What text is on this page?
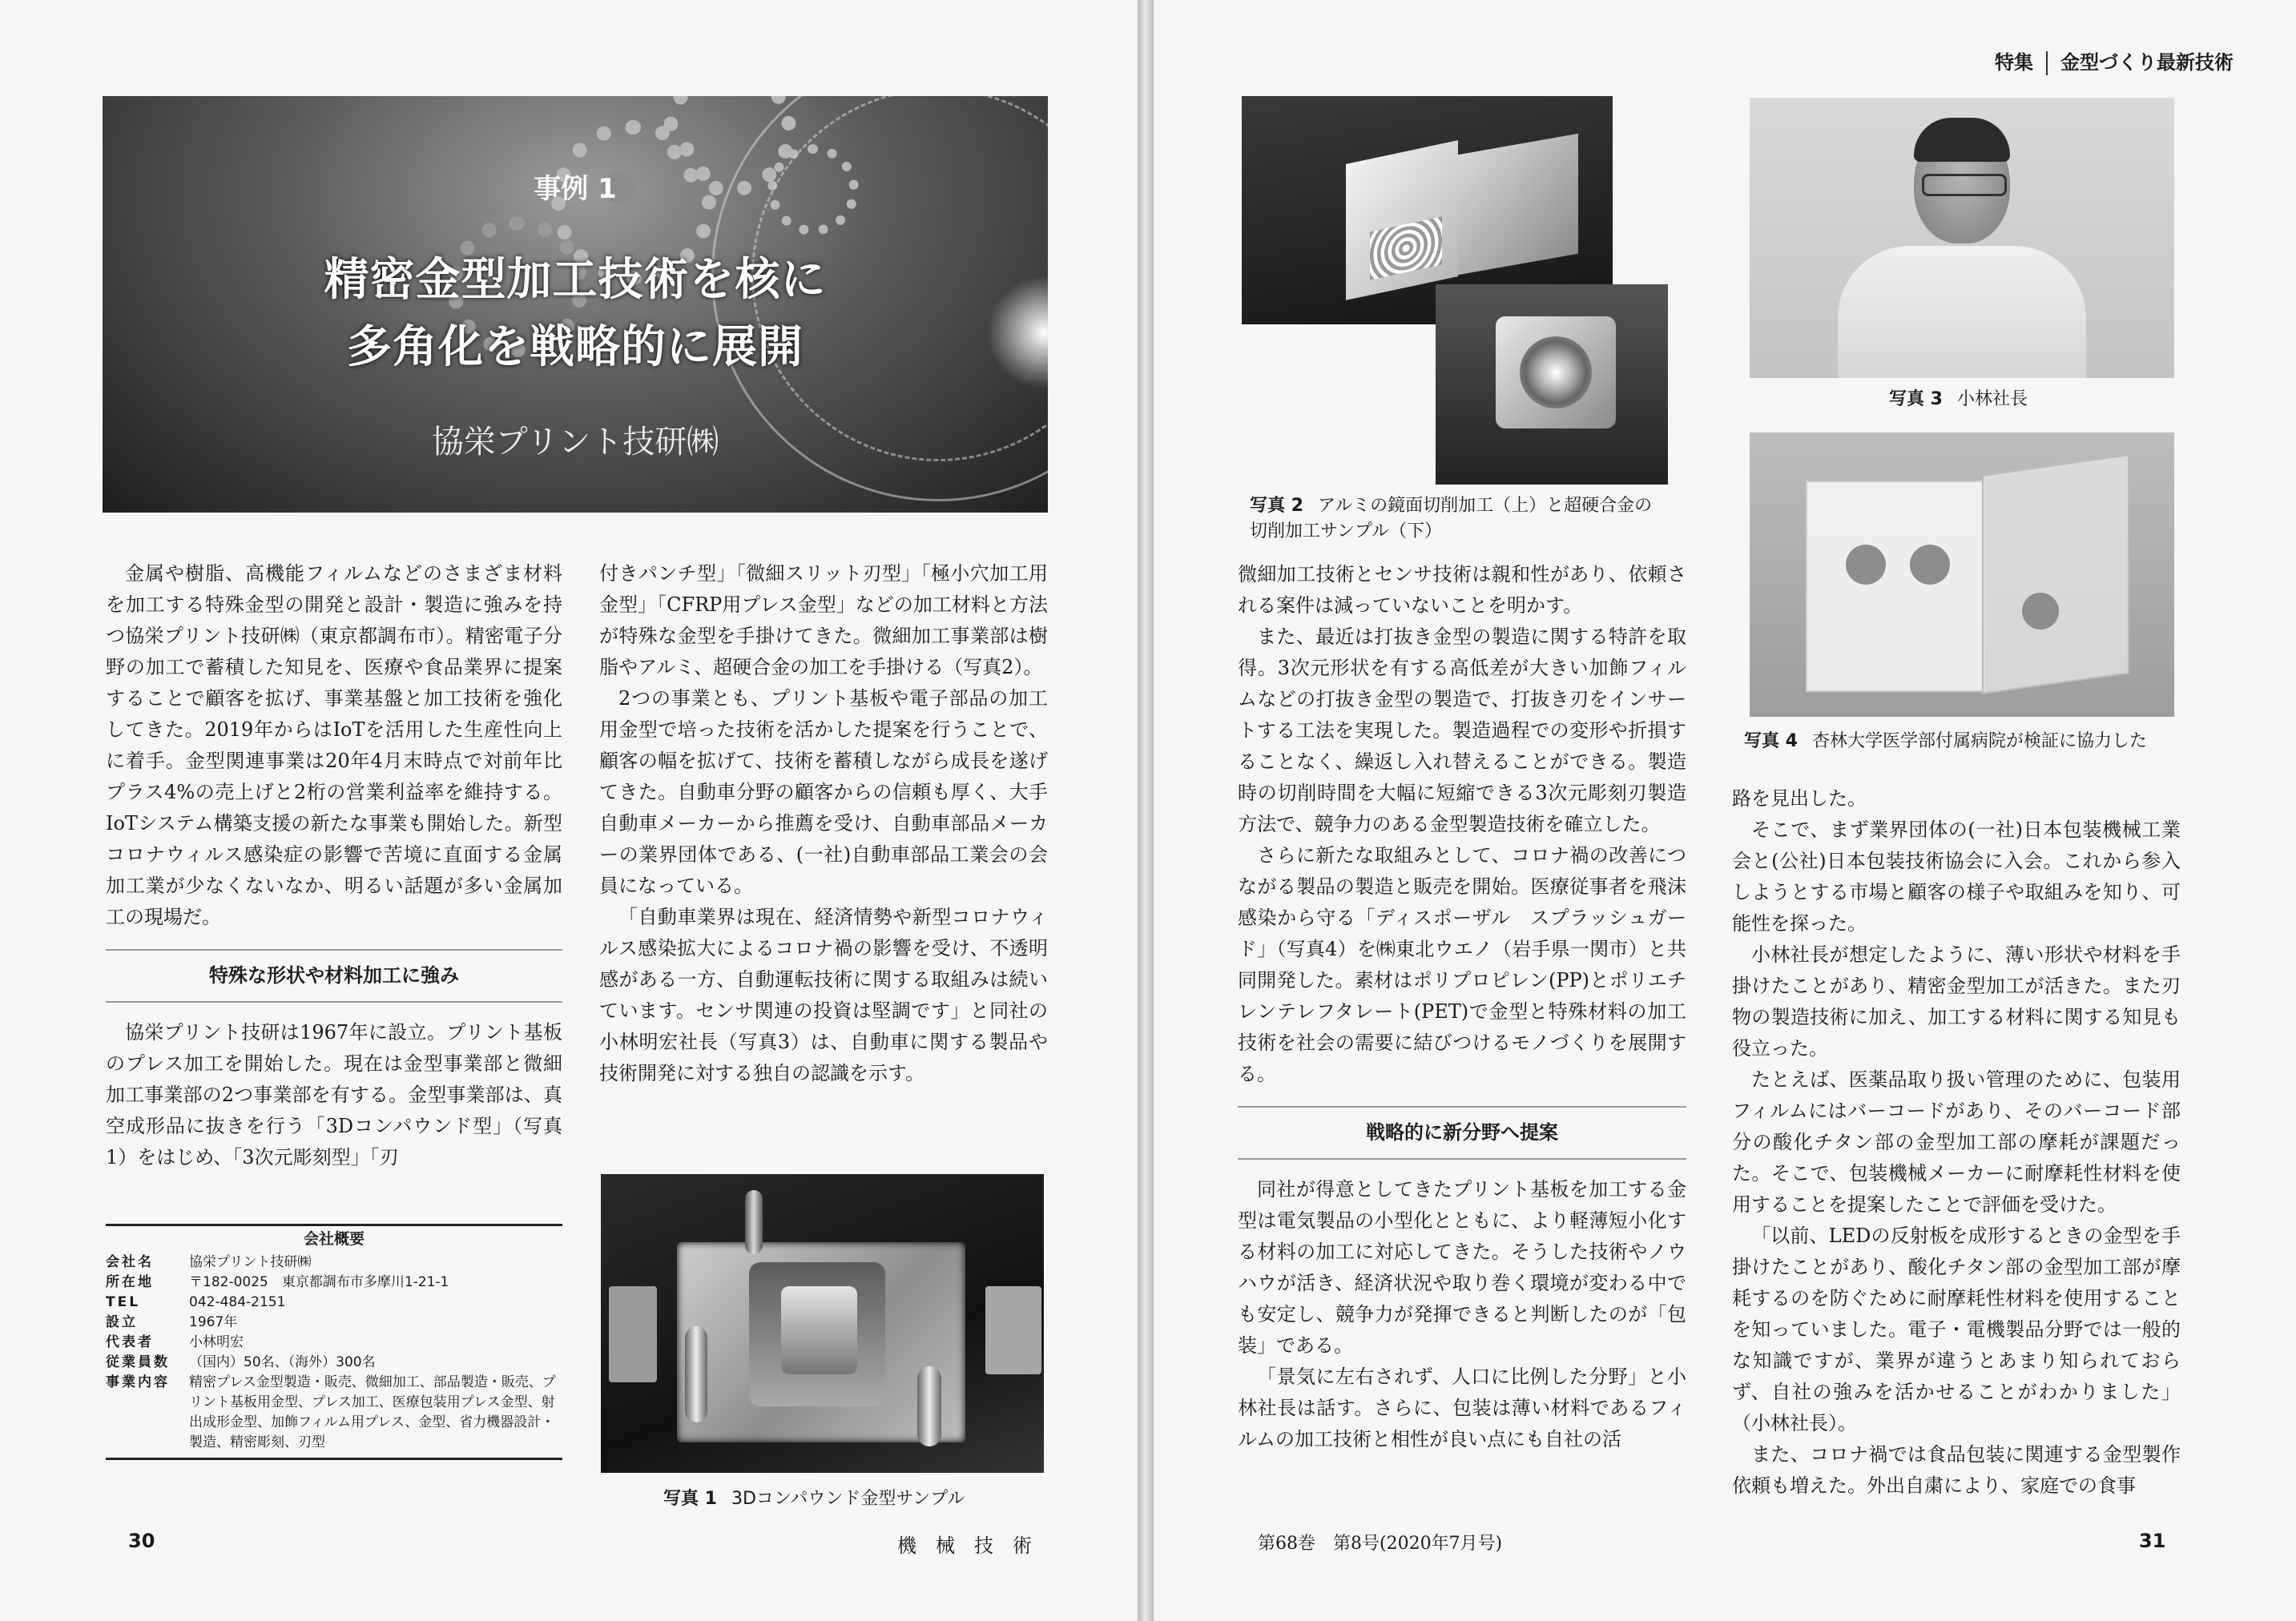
事例 1
精密金型加工技術を核に
多角化を戦略的に展開
協栄プリント技研㈱

金属や樹脂、高機能フィルムなどのさまざま材料を加工する特殊金型の開発と設計・製造に強みを持つ協栄プリント技研㈱（東京都調布市）。精密電子分野の加工で蓄積した知見を、医療や食品業界に提案することで顧客を拡げ、事業基盤と加工技術を強化してきた。2019年からはIoTを活用した生産性向上に着手。金型関連事業は20年4月末時点で対前年比プラス4%の売上げと2桁の営業利益率を維持する。IoTシステム構築支援の新たな事業も開始した。新型コロナウィルス感染症の影響で苦境に直面する金属加工業が少なくないなか、明るい話題が多い金属加工の現場だ。

特殊な形状や材料加工に強み

協栄プリント技研は1967年に設立。プリント基板のプレス加工を開始した。現在は金型事業部と微細加工事業部の2つ事業部を有する。金型事業部は、真空成形品に抜きを行う「3Dコンパウンド型」（写真1）をはじめ、「3次元彫刻型」「刃

付きパンチ型」「微細スリット刃型」「極小穴加工用金型」「CFRP用プレス金型」などの加工材料と方法が特殊な金型を手掛けてきた。微細加工事業部は樹脂やアルミ、超硬合金の加工を手掛ける（写真2）。

2つの事業とも、プリント基板や電子部品の加工用金型で培った技術を活かした提案を行うことで、顧客の幅を拡げて、技術を蓄積しながら成長を遂げてきた。自動車分野の顧客からの信頼も厚く、大手自動車メーカーから推薦を受け、自動車部品メーカーの業界団体である、(一社)自動車部品工業会の会員になっている。

「自動車業界は現在、経済情勢や新型コロナウィルス感染拡大によるコロナ禍の影響を受け、不透明感がある一方、自動運転技術に関する取組みは続いています。センサ関連の投資は堅調です」と同社の小林明宏社長（写真3）は、自動車に関する製品や技術開発に対する独自の認識を示す。

会社概要
会社名	協栄プリント技研㈱
所在地	〒182-0025　東京都調布市多摩川1-21-1
TEL	042-484-2151
設立	1967年
代表者	小林明宏
従業員数	（国内）50名、（海外）300名
事業内容	精密プレス金型製造・販売、微細加工、部品製造・販売、プリント基板用金型、プレス加工、医療包装用プレス金型、射出成形金型、加飾フィルム用プレス、金型、省力機器設計・製造、精密彫刻、刃型
写真 1 3Dコンパウンド金型サンプル
30	機　械　技　術
特集 金型づくり最新技術
写真 2 アルミの鏡面切削加工（上）と超硬合金の切削加工サンプル（下）
写真 3 小林社長
写真 4 杏林大学医学部付属病院が検証に協力した

微細加工技術とセンサ技術は親和性があり、依頼される案件は減っていないことを明かす。

また、最近は打抜き金型の製造に関する特許を取得。3次元形状を有する高低差が大きい加飾フィルムなどの打抜き金型の製造で、打抜き刃をインサートする工法を実現した。製造過程での変形や折損することなく、繰返し入れ替えることができる。製造時の切削時間を大幅に短縮できる3次元彫刻刃製造方法で、競争力のある金型製造技術を確立した。

さらに新たな取組みとして、コロナ禍の改善につながる製品の製造と販売を開始。医療従事者を飛沫感染から守る「ディスポーザル　スプラッシュガード」（写真4）を㈱東北ウエノ（岩手県一関市）と共同開発した。素材はポリプロピレン(PP)とポリエチレンテレフタレート(PET)で金型と特殊材料の加工技術を社会の需要に結びつけるモノづくりを展開する。

戦略的に新分野へ提案

同社が得意としてきたプリント基板を加工する金型は電気製品の小型化とともに、より軽薄短小化する材料の加工に対応してきた。そうした技術やノウハウが活き、経済状況や取り巻く環境が変わる中でも安定し、競争力が発揮できると判断したのが「包装」である。

「景気に左右されず、人口に比例した分野」と小林社長は話す。さらに、包装は薄い材料であるフィルムの加工技術と相性が良い点にも自社の活

路を見出した。

そこで、まず業界団体の(一社)日本包装機械工業会と(公社)日本包装技術協会に入会。これから参入しようとする市場と顧客の様子や取組みを知り、可能性を探った。

小林社長が想定したように、薄い形状や材料を手掛けたことがあり、精密金型加工が活きた。また刃物の製造技術に加え、加工する材料に関する知見も役立った。

たとえば、医薬品取り扱い管理のために、包装用フィルムにはバーコードがあり、そのバーコード部分の酸化チタン部の金型加工部の摩耗が課題だった。そこで、包装機械メーカーに耐摩耗性材料を使用することを提案したことで評価を受けた。

「以前、LEDの反射板を成形するときの金型を手掛けたことがあり、酸化チタン部の金型加工部が摩耗するのを防ぐために耐摩耗性材料を使用することを知っていました。電子・電機製品分野では一般的な知識ですが、業界が違うとあまり知られておらず、自社の強みを活かせることがわかりました」（小林社長）。

また、コロナ禍では食品包装に関連する金型製作依頼も増えた。外出自粛により、家庭での食事

第68巻　第8号(2020年7月号)	31
